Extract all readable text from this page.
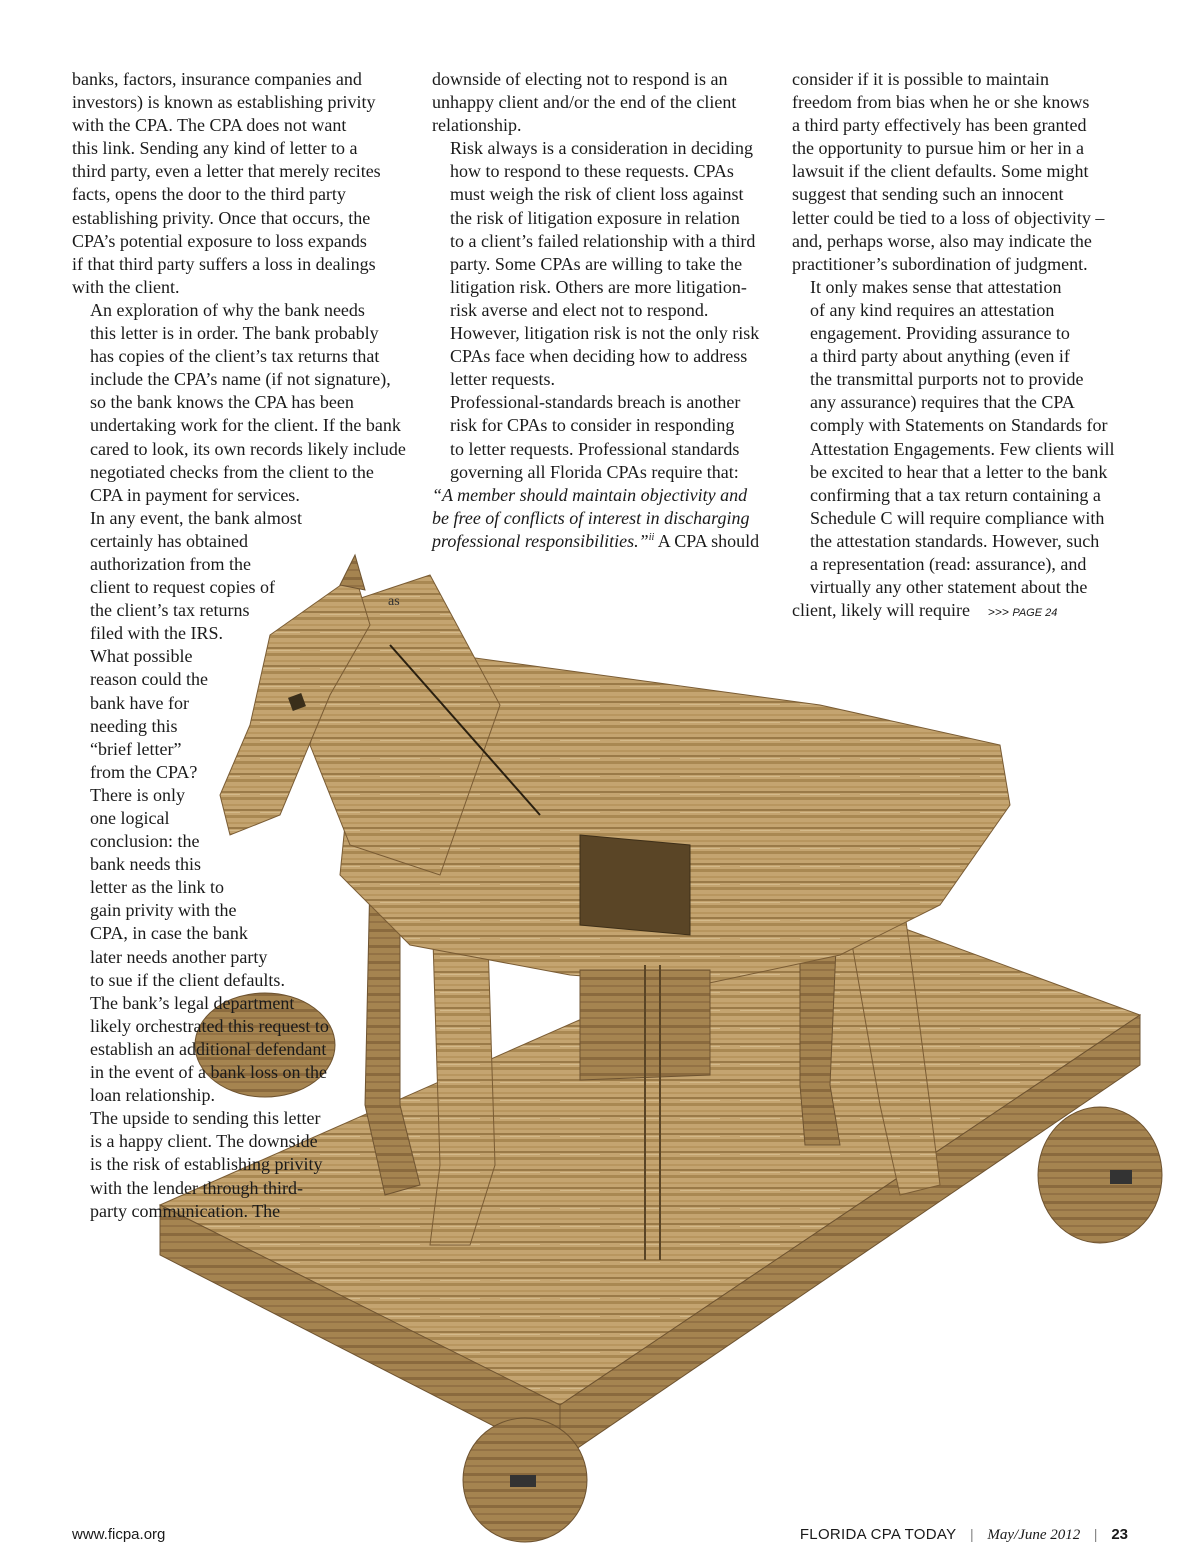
banks, factors, insurance companies and
investors) is known as establishing privity
with the CPA. The CPA does not want
this link. Sending any kind of letter to a
third party, even a letter that merely recites
facts, opens the door to the third party
establishing privity. Once that occurs, the
CPA’s potential exposure to loss expands
if that third party suffers a loss in dealings
with the client.

An exploration of why the bank needs
this letter is in order. The bank probably
has copies of the client’s tax returns that
include the CPA’s name (if not signature),
so the bank knows the CPA has been
undertaking work for the client. If the bank
cared to look, its own records likely include
negotiated checks from the client to the
CPA in payment for services.

In any event, the bank almost
certainly has obtained
authorization from the
client to request copies of
the client’s tax returns
filed with the IRS.
What possible
reason could the
bank have for
needing this
“brief letter”
from the CPA?
There is only
one logical
conclusion: the
bank needs this
letter as the link to
gain privity with the
CPA, in case the bank
later needs another party
to sue if the client defaults.
The bank’s legal department
likely orchestrated this request to
establish an additional defendant
in the event of a bank loss on the
loan relationship.

The upside to sending this letter
is a happy client. The downside
is the risk of establishing privity
with the lender through third-
party communication. The

as

downside of electing not to respond is an
unhappy client and/or the end of the client
relationship.

Risk always is a consideration in deciding
how to respond to these requests. CPAs
must weigh the risk of client loss against
the risk of litigation exposure in relation
to a client’s failed relationship with a third
party. Some CPAs are willing to take the
litigation risk. Others are more litigation-
risk averse and elect not to respond.
However, litigation risk is not the only risk
CPAs face when deciding how to address
letter requests.

Professional-standards breach is another
risk for CPAs to consider in responding
to letter requests. Professional standards
governing all Florida CPAs require that:

“A member should maintain objectivity and
be free of conflicts of interest in discharging
professional responsibilities.”$^{ii}$ A CPA should

consider if it is possible to maintain
freedom from bias when he or she knows
a third party effectively has been granted
the opportunity to pursue him or her in a
lawsuit if the client defaults. Some might
suggest that sending such an innocent
letter could be tied to a loss of objectivity –
and, perhaps worse, also may indicate the
practitioner’s subordination of judgment.

It only makes sense that attestation
of any kind requires an attestation
engagement. Providing assurance to
a third party about anything (even if
the transmittal purports not to provide
any assurance) requires that the CPA
comply with Statements on Standards for
Attestation Engagements. Few clients will
be excited to hear that a letter to the bank
confirming that a tax return containing a
Schedule C will require compliance with
the attestation standards. However, such
a representation (read: assurance), and
virtually any other statement about the

client, likely will require >>> PAGE 24

www.ficpa.org	FLORIDA CPA TODAY | May/June 2012 | 23
